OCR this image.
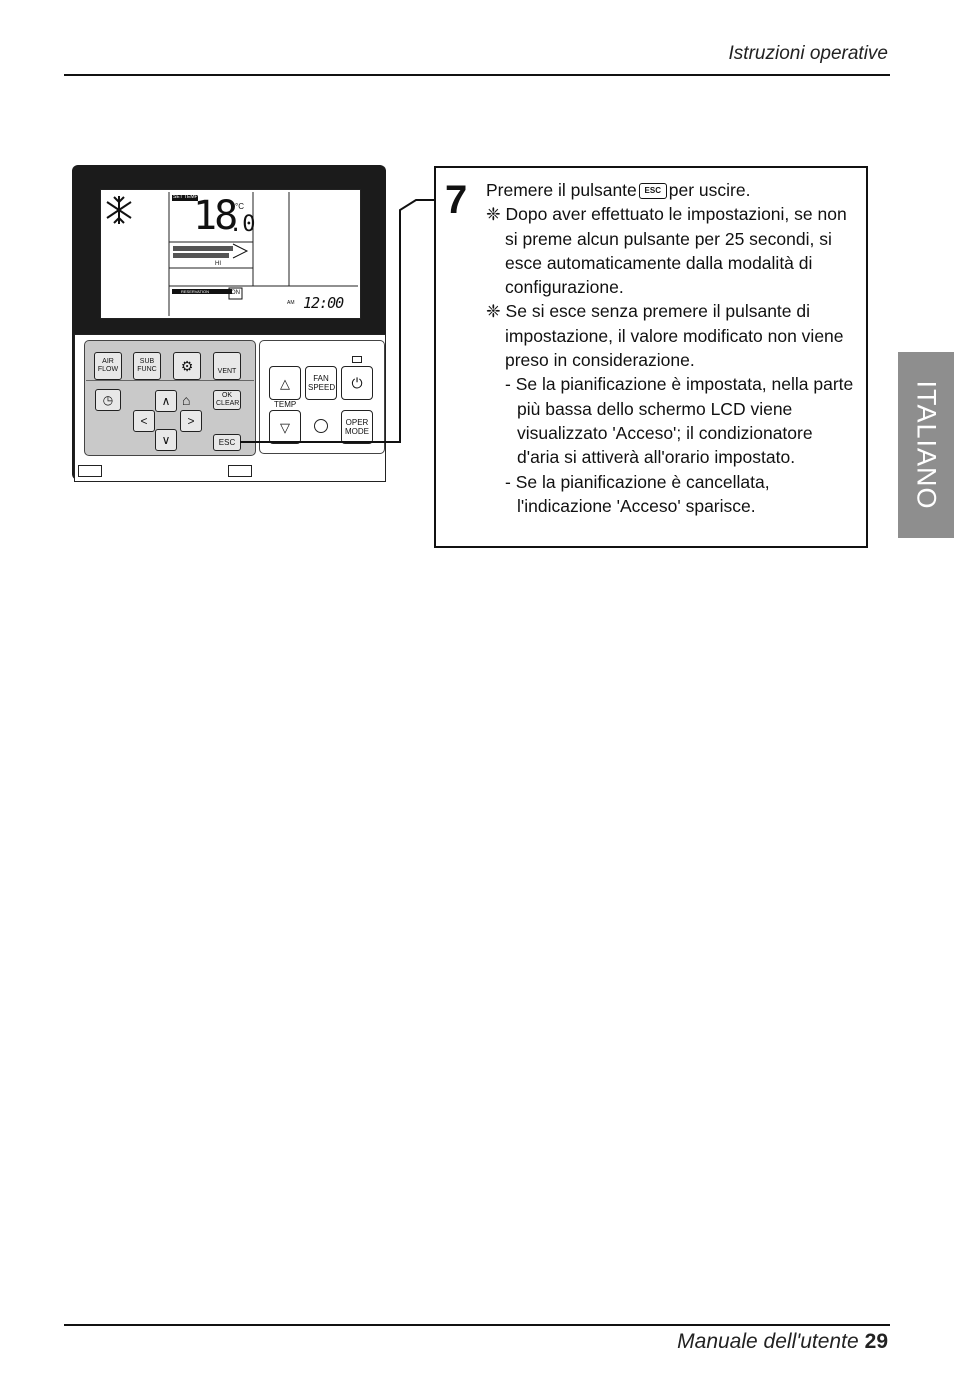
Istruzioni operative
ITALIANO
SET TEMP
18
.0
°C
HI
RESERVATION	ON
AM 12:00
AIR FLOW
SUB FUNC ⚙	VENT
◷	∧
<	>
∨
⌂	OK CLEAR
ESC
△
TEMP
▽
FAN SPEED ⏻
OPER MODE
7 Premere il pulsante ESC per uscire.

❈ Dopo aver effettuato le impostazioni, se non si preme alcun pulsante per 25 secondi, si esce automaticamente dalla modalità di configurazione.

❈ Se si esce senza premere il pulsante di impostazione, il valore modificato non viene preso in considerazione.

- Se la pianificazione è impostata, nella parte più bassa dello schermo LCD viene visualizzato 'Acceso'; il condizionatore d'aria si attiverà all'orario impostato.

- Se la pianificazione è cancellata, l'indicazione 'Acceso' sparisce.

Manuale dell'utente 29
